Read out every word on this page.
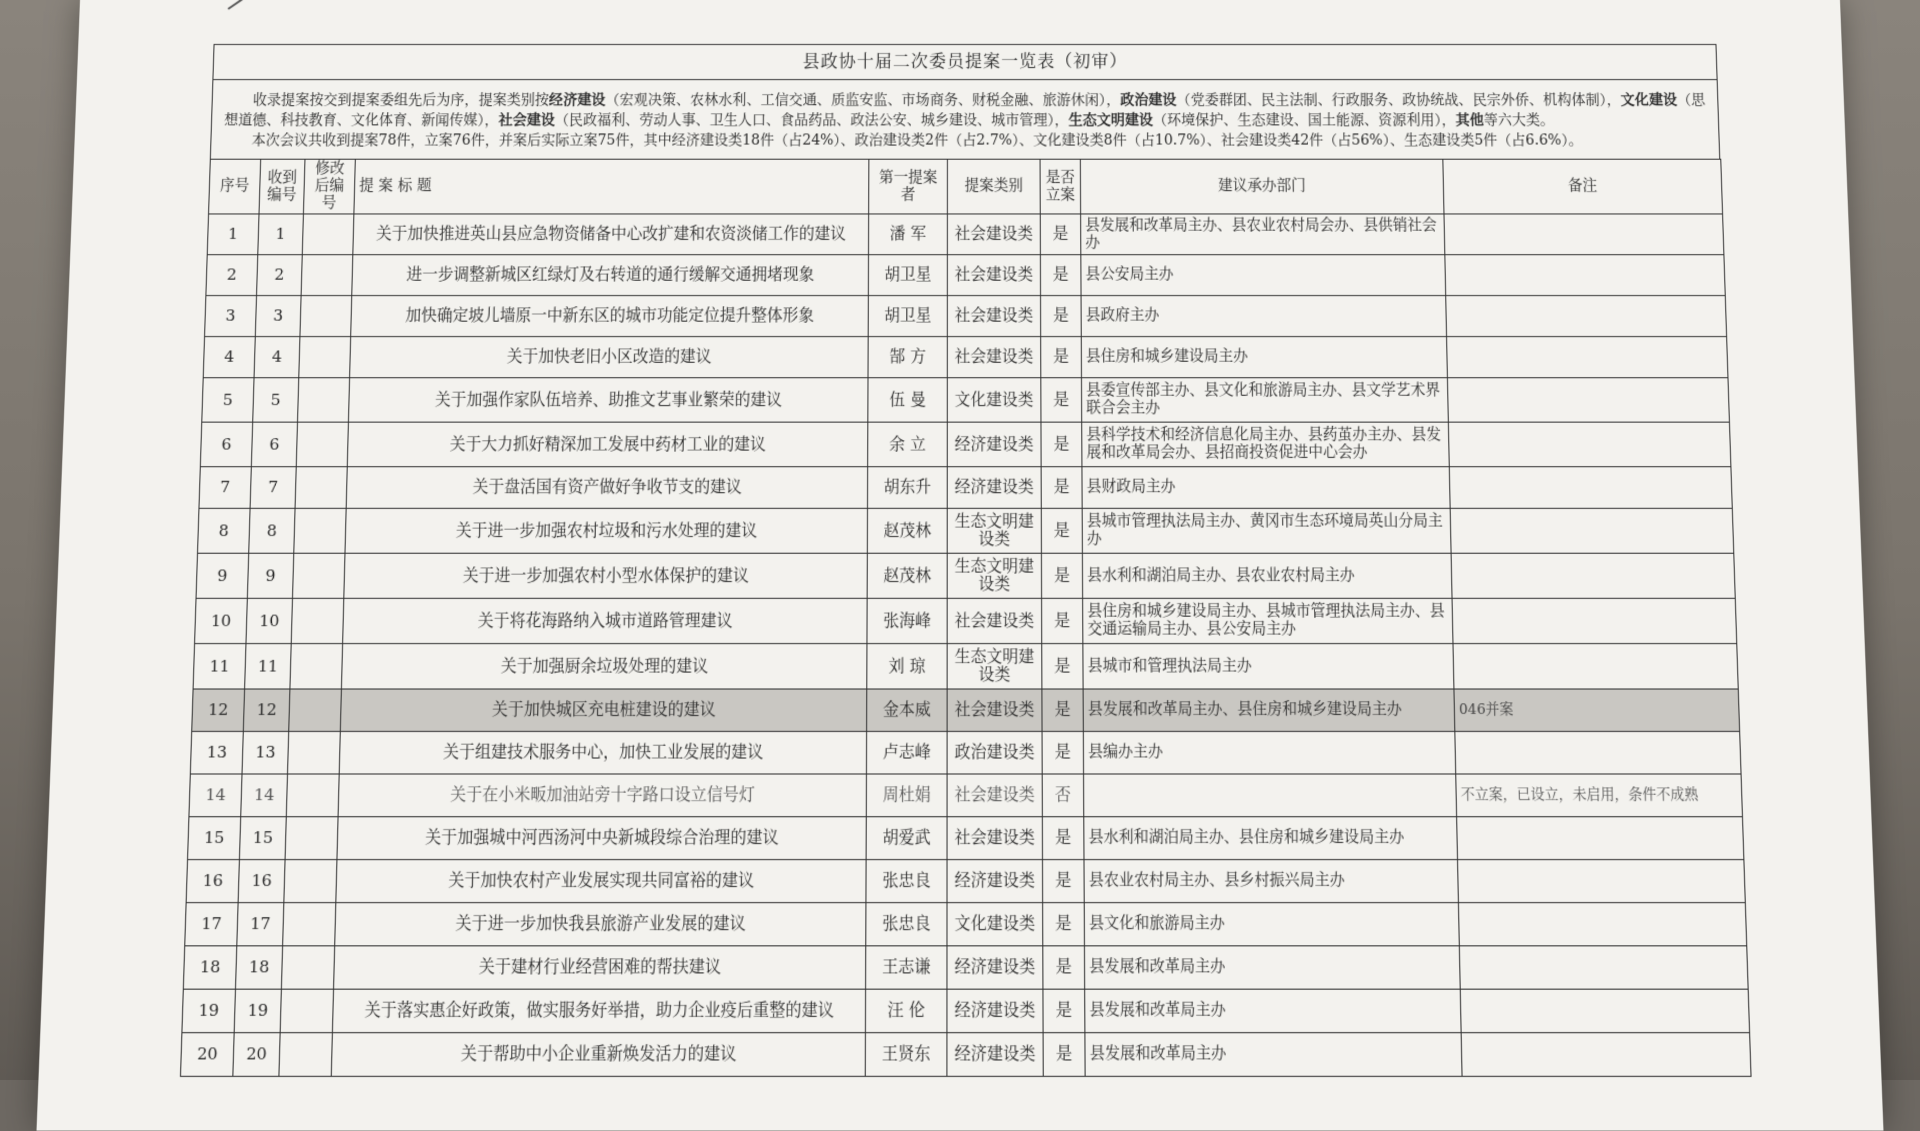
县政协十届二次委员提案一览表（初审）
  收录提案按交到提案委组先后为序，提案类别按经济建设（宏观决策、农林水利、工信交通、质监安监、市场商务、财税金融、旅游休闲），政治建设（党委群团、民主法制、行政服务、政协统战、民宗外侨、机构体制），文化建设（思想道德、科技教育、文化体育、新闻传媒），社会建设（民政福利、劳动人事、卫生人口、食品药品、政法公安、城乡建设、城市管理），生态文明建设（环境保护、生态建设、国土能源、资源利用），其他等六大类。
  本次会议共收到提案78件，立案76件，并案后实际立案75件，其中经济建设类18件（占24%）、政治建设类2件（占2.7%）、文化建设类8件（占10.7%）、社会建设类42件（占56%）、生态建设类5件（占6.6%）。
序号	收到编号	修改后编号	提 案 标 题	第一提案者	提案类别	是否立案	建议承办部门	备注
1	1		关于加快推进英山县应急物资储备中心改扩建和农资淡储工作的建议	潘 军	社会建设类	是	县发展和改革局主办、县农业农村局会办、县供销社会办	
2	2		进一步调整新城区红绿灯及右转道的通行缓解交通拥堵现象	胡卫星	社会建设类	是	县公安局主办	
3	3		加快确定坡儿墙原一中新东区的城市功能定位提升整体形象	胡卫星	社会建设类	是	县政府主办	
4	4		关于加快老旧小区改造的建议	郜 方	社会建设类	是	县住房和城乡建设局主办	
5	5		关于加强作家队伍培养、助推文艺事业繁荣的建议	伍 曼	文化建设类	是	县委宣传部主办、县文化和旅游局主办、县文学艺术界联合会主办	
6	6		关于大力抓好精深加工发展中药材工业的建议	余 立	经济建设类	是	县科学技术和经济信息化局主办、县药茧办主办、县发展和改革局会办、县招商投资促进中心会办	
7	7		关于盘活国有资产做好争收节支的建议	胡东升	经济建设类	是	县财政局主办	
8	8		关于进一步加强农村垃圾和污水处理的建议	赵茂林	生态文明建设类	是	县城市管理执法局主办、黄冈市生态环境局英山分局主办	
9	9		关于进一步加强农村小型水体保护的建议	赵茂林	生态文明建设类	是	县水利和湖泊局主办、县农业农村局主办	
10	10		关于将花海路纳入城市道路管理建议	张海峰	社会建设类	是	县住房和城乡建设局主办、县城市管理执法局主办、县交通运输局主办、县公安局主办	
11	11		关于加强厨余垃圾处理的建议	刘 琼	生态文明建设类	是	县城市和管理执法局主办	
12	12		关于加快城区充电桩建设的建议	金本威	社会建设类	是	县发展和改革局主办、县住房和城乡建设局主办	046并案
13	13		关于组建技术服务中心，加快工业发展的建议	卢志峰	政治建设类	是	县编办主办	
14	14		关于在小米畈加油站旁十字路口设立信号灯	周杜娟	社会建设类	否		不立案，已设立，未启用，条件不成熟
15	15		关于加强城中河西汤河中央新城段综合治理的建议	胡爱武	社会建设类	是	县水利和湖泊局主办、县住房和城乡建设局主办	
16	16		关于加快农村产业发展实现共同富裕的建议	张忠良	经济建设类	是	县农业农村局主办、县乡村振兴局主办	
17	17		关于进一步加快我县旅游产业发展的建议	张忠良	文化建设类	是	县文化和旅游局主办	
18	18		关于建材行业经营困难的帮扶建议	王志谦	经济建设类	是	县发展和改革局主办	
19	19		关于落实惠企好政策，做实服务好举措，助力企业疫后重整的建议	汪 伦	经济建设类	是	县发展和改革局主办	
20	20		关于帮助中小企业重新焕发活力的建议	王贤东	经济建设类	是	县发展和改革局主办	
